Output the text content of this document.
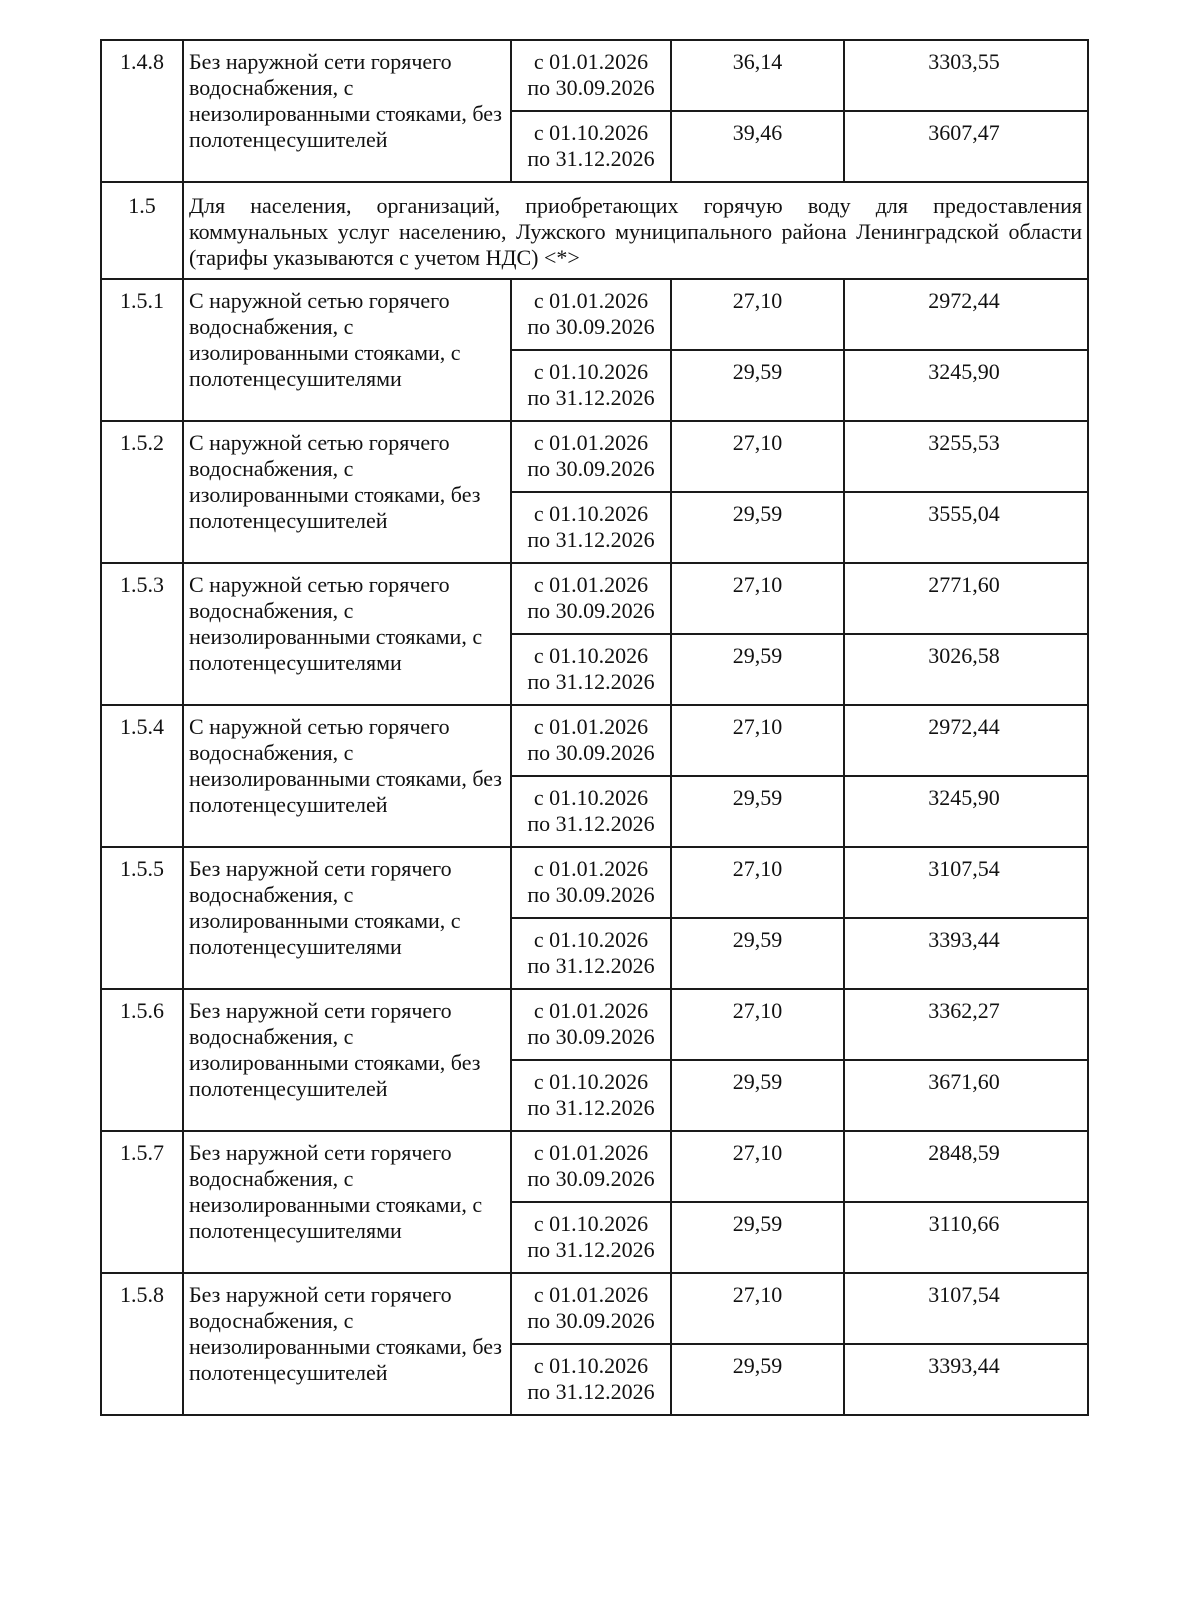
1.4.8	Без наружной сети горячего водоснабжения, с неизолированными стояками, без полотенцесушителей	с 01.01.2026
по 30.09.2026	36,14	3303,55

		с 01.10.2026
по 31.12.2026	39,46	3607,47
1.5	Для населения, организаций, приобретающих горячую воду для предоставления коммунальных услуг населению, Лужского муниципального района Ленинградской области (тарифы указываются с учетом НДС) <*>			
1.5.1	С наружной сетью горячего водоснабжения, с изолированными стояками, с полотенцесушителями	с 01.01.2026
по 30.09.2026	27,10	2972,44

		с 01.10.2026
по 31.12.2026	29,59	3245,90
1.5.2	С наружной сетью горячего водоснабжения, с изолированными стояками, без полотенцесушителей	с 01.01.2026
по 30.09.2026	27,10	3255,53

		с 01.10.2026
по 31.12.2026	29,59	3555,04
1.5.3	С наружной сетью горячего водоснабжения, с неизолированными стояками, с полотенцесушителями	с 01.01.2026
по 30.09.2026	27,10	2771,60

		с 01.10.2026
по 31.12.2026	29,59	3026,58
1.5.4	С наружной сетью горячего водоснабжения, с неизолированными стояками, без полотенцесушителей	с 01.01.2026
по 30.09.2026	27,10	2972,44

		с 01.10.2026
по 31.12.2026	29,59	3245,90
1.5.5	Без наружной сети горячего водоснабжения, с изолированными стояками, с полотенцесушителями	с 01.01.2026
по 30.09.2026	27,10	3107,54

		с 01.10.2026
по 31.12.2026	29,59	3393,44
1.5.6	Без наружной сети горячего водоснабжения, с изолированными стояками, без полотенцесушителей	с 01.01.2026
по 30.09.2026	27,10	3362,27

		с 01.10.2026
по 31.12.2026	29,59	3671,60
1.5.7	Без наружной сети горячего водоснабжения, с неизолированными стояками, с полотенцесушителями	с 01.01.2026
по 30.09.2026	27,10	2848,59

		с 01.10.2026
по 31.12.2026	29,59	3110,66
1.5.8	Без наружной сети горячего водоснабжения, с неизолированными стояками, без полотенцесушителей	с 01.01.2026
по 30.09.2026	27,10	3107,54

		с 01.10.2026
по 31.12.2026	29,59	3393,44
